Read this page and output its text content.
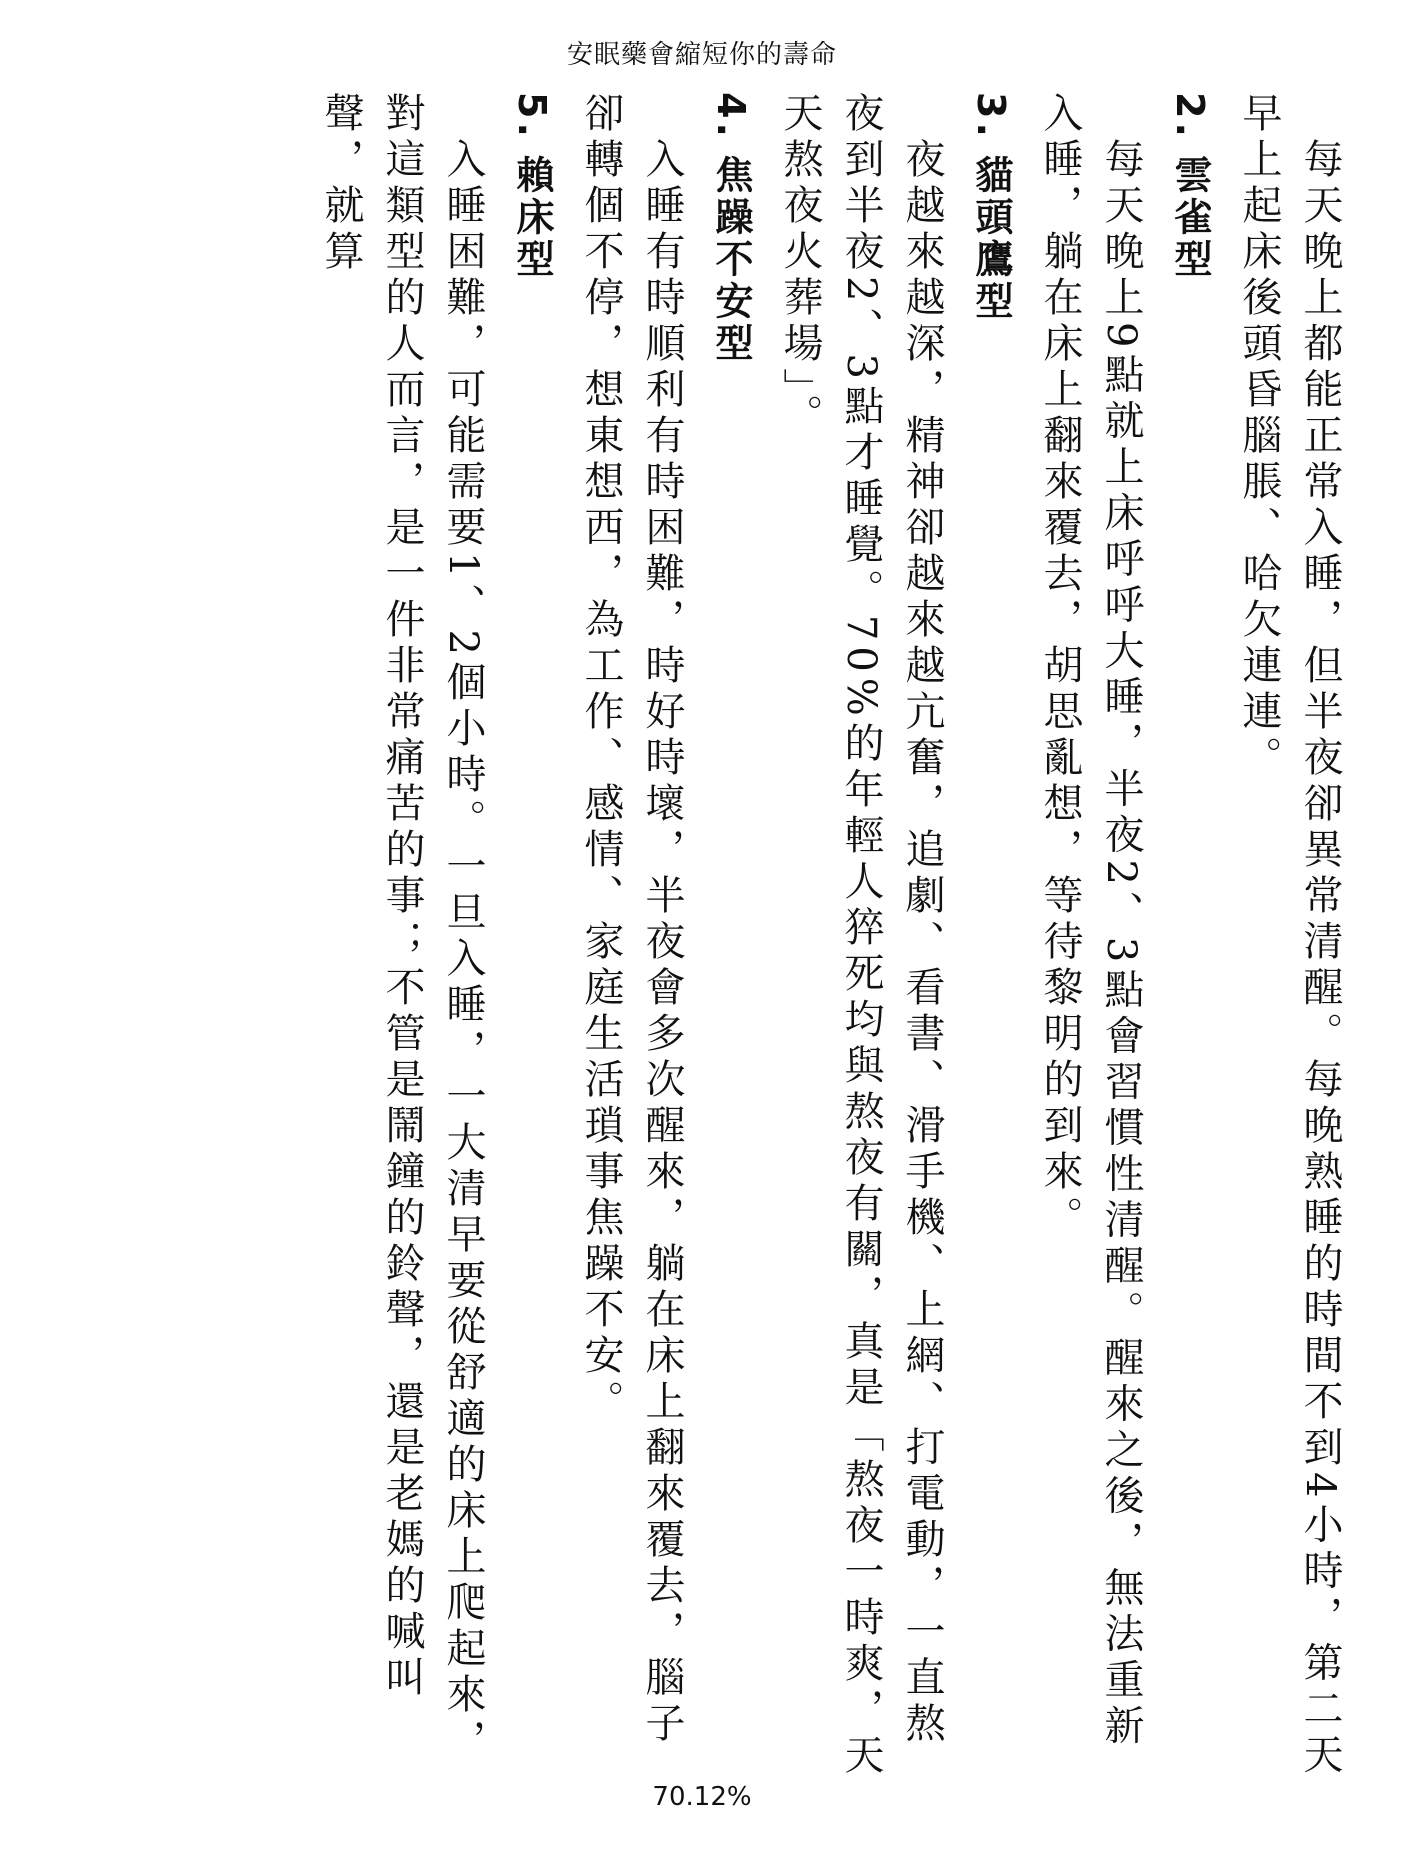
安眠藥會縮短你的壽命

每天晚上都能正常入睡，但半夜卻異常清醒。每晚熟睡的時間不到4小時，第二天早上起床後頭昏腦脹、哈欠連連。

2.雲雀型

每天晚上9點就上床呼呼大睡，半夜2、3點會習慣性清醒。醒來之後，無法重新入睡，躺在床上翻來覆去，胡思亂想，等待黎明的到來。

3.貓頭鷹型

夜越來越深，精神卻越來越亢奮，追劇、看書、滑手機、上網、打電動，一直熬夜到半夜2、3點才睡覺。70%的年輕人猝死均與熬夜有關，真是「熬夜一時爽，天天熬夜火葬場」。

4.焦躁不安型

入睡有時順利有時困難，時好時壞，半夜會多次醒來，躺在床上翻來覆去，腦子卻轉個不停，想東想西，為工作、感情、家庭生活瑣事焦躁不安。

5.賴床型

入睡困難，可能需要1、2個小時。一旦入睡，一大清早要從舒適的床上爬起來，對這類型的人而言，是一件非常痛苦的事；不管是鬧鐘的鈴聲，還是老媽的喊叫聲，就算

70.12%
